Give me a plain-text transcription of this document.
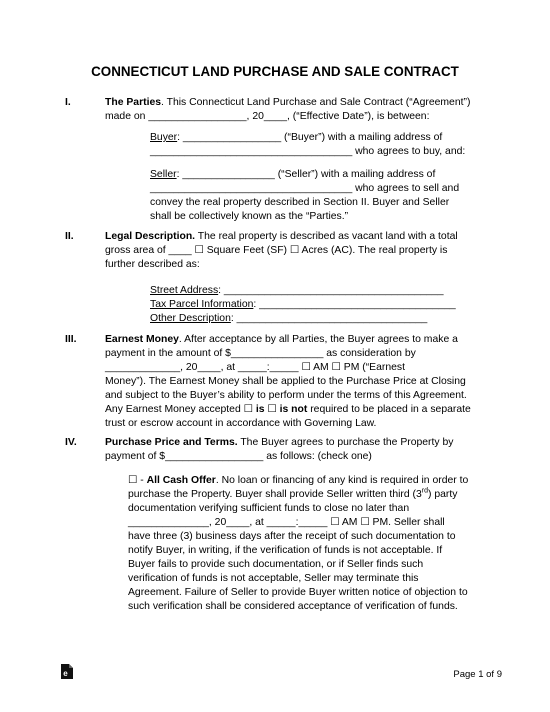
CONNECTICUT LAND PURCHASE AND SALE CONTRACT
I.	The Parties. This Connecticut Land Purchase and Sale Contract (“Agreement”)
made on _________________, 20____, (“Effective Date”), is between:
Buyer: _________________ (“Buyer”) with a mailing address of
___________________________________ who agrees to buy, and:
Seller: ________________ (“Seller”) with a mailing address of
___________________________________ who agrees to sell and
convey the real property described in Section II. Buyer and Seller
shall be collectively known as the “Parties.”
II.	Legal Description. The real property is described as vacant land with a total
gross area of ____ ☐ Square Feet (SF) ☐ Acres (AC). The real property is
further described as:
Street Address: ______________________________________
Tax Parcel Information: __________________________________
Other Description: _________________________________
III.	Earnest Money. After acceptance by all Parties, the Buyer agrees to make a
payment in the amount of $________________ as consideration by
_____________, 20____, at _____:_____ ☐ AM ☐ PM (“Earnest
Money”). The Earnest Money shall be applied to the Purchase Price at Closing
and subject to the Buyer’s ability to perform under the terms of this Agreement.
Any Earnest Money accepted ☐ is ☐ is not required to be placed in a separate
trust or escrow account in accordance with Governing Law.
IV.	Purchase Price and Terms. The Buyer agrees to purchase the Property by
payment of $_________________ as follows: (check one)
☐ - All Cash Offer. No loan or financing of any kind is required in order to
purchase the Property. Buyer shall provide Seller written third (3rd) party
documentation verifying sufficient funds to close no later than
______________, 20____, at _____:_____ ☐ AM ☐ PM. Seller shall
have three (3) business days after the receipt of such documentation to
notify Buyer, in writing, if the verification of funds is not acceptable. If
Buyer fails to provide such documentation, or if Seller finds such
verification of funds is not acceptable, Seller may terminate this
Agreement. Failure of Seller to provide Buyer written notice of objection to
such verification shall be considered acceptance of verification of funds.
e	Page 1 of 9
